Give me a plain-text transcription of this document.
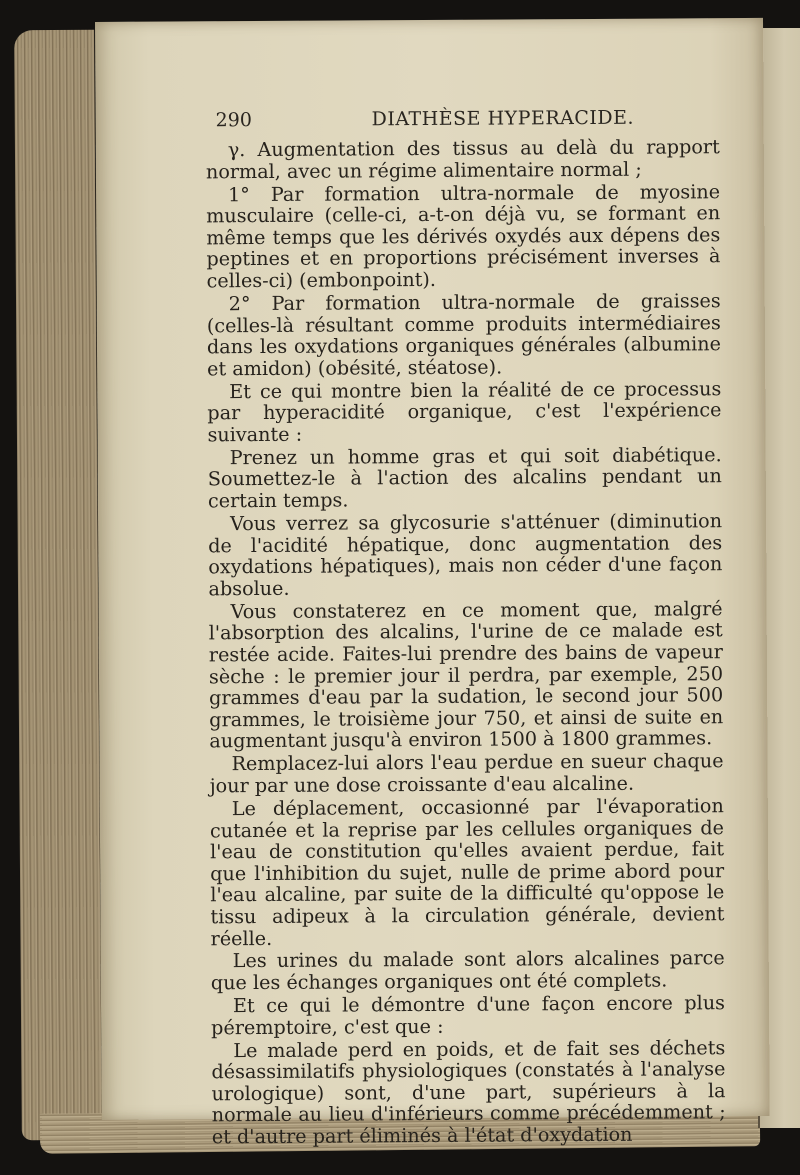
290	DIATHÈSE HYPERACIDE.

γ. Augmentation des tissus au delà du rapport normal, avec un régime alimentaire normal ;

1° Par formation ultra-normale de myosine musculaire (celle-ci, a-t-on déjà vu, se formant en même temps que les dérivés oxydés aux dépens des peptines et en proportions précisément inverses à celles-ci) (embonpoint).

2° Par formation ultra-normale de graisses (celles-là résultant comme produits intermédiaires dans les oxydations organiques générales (albumine et amidon) (obésité, stéatose).

Et ce qui montre bien la réalité de ce processus par hyperacidité organique, c'est l'expérience suivante :

Prenez un homme gras et qui soit diabétique. Soumettez-le à l'action des alcalins pendant un certain temps.

Vous verrez sa glycosurie s'atténuer (diminution de l'acidité hépatique, donc augmentation des oxydations hépatiques), mais non céder d'une façon absolue.

Vous constaterez en ce moment que, malgré l'absorption des alcalins, l'urine de ce malade est restée acide. Faites-lui prendre des bains de vapeur sèche : le premier jour il perdra, par exemple, 250 grammes d'eau par la sudation, le second jour 500 grammes, le troisième jour 750, et ainsi de suite en augmentant jusqu'à environ 1500 à 1800 grammes.

Remplacez-lui alors l'eau perdue en sueur chaque jour par une dose croissante d'eau alcaline.

Le déplacement, occasionné par l'évaporation cutanée et la reprise par les cellules organiques de l'eau de constitution qu'elles avaient perdue, fait que l'inhibition du sujet, nulle de prime abord pour l'eau alcaline, par suite de la difficulté qu'oppose le tissu adipeux à la circulation générale, devient réelle.

Les urines du malade sont alors alcalines parce que les échanges organiques ont été complets.

Et ce qui le démontre d'une façon encore plus péremptoire, c'est que :

Le malade perd en poids, et de fait ses déchets désassimilatifs physiologiques (constatés à l'analyse urologique) sont, d'une part, supérieurs à la normale au lieu d'inférieurs comme précédemment ; et d'autre part éliminés à l'état d'oxydation
